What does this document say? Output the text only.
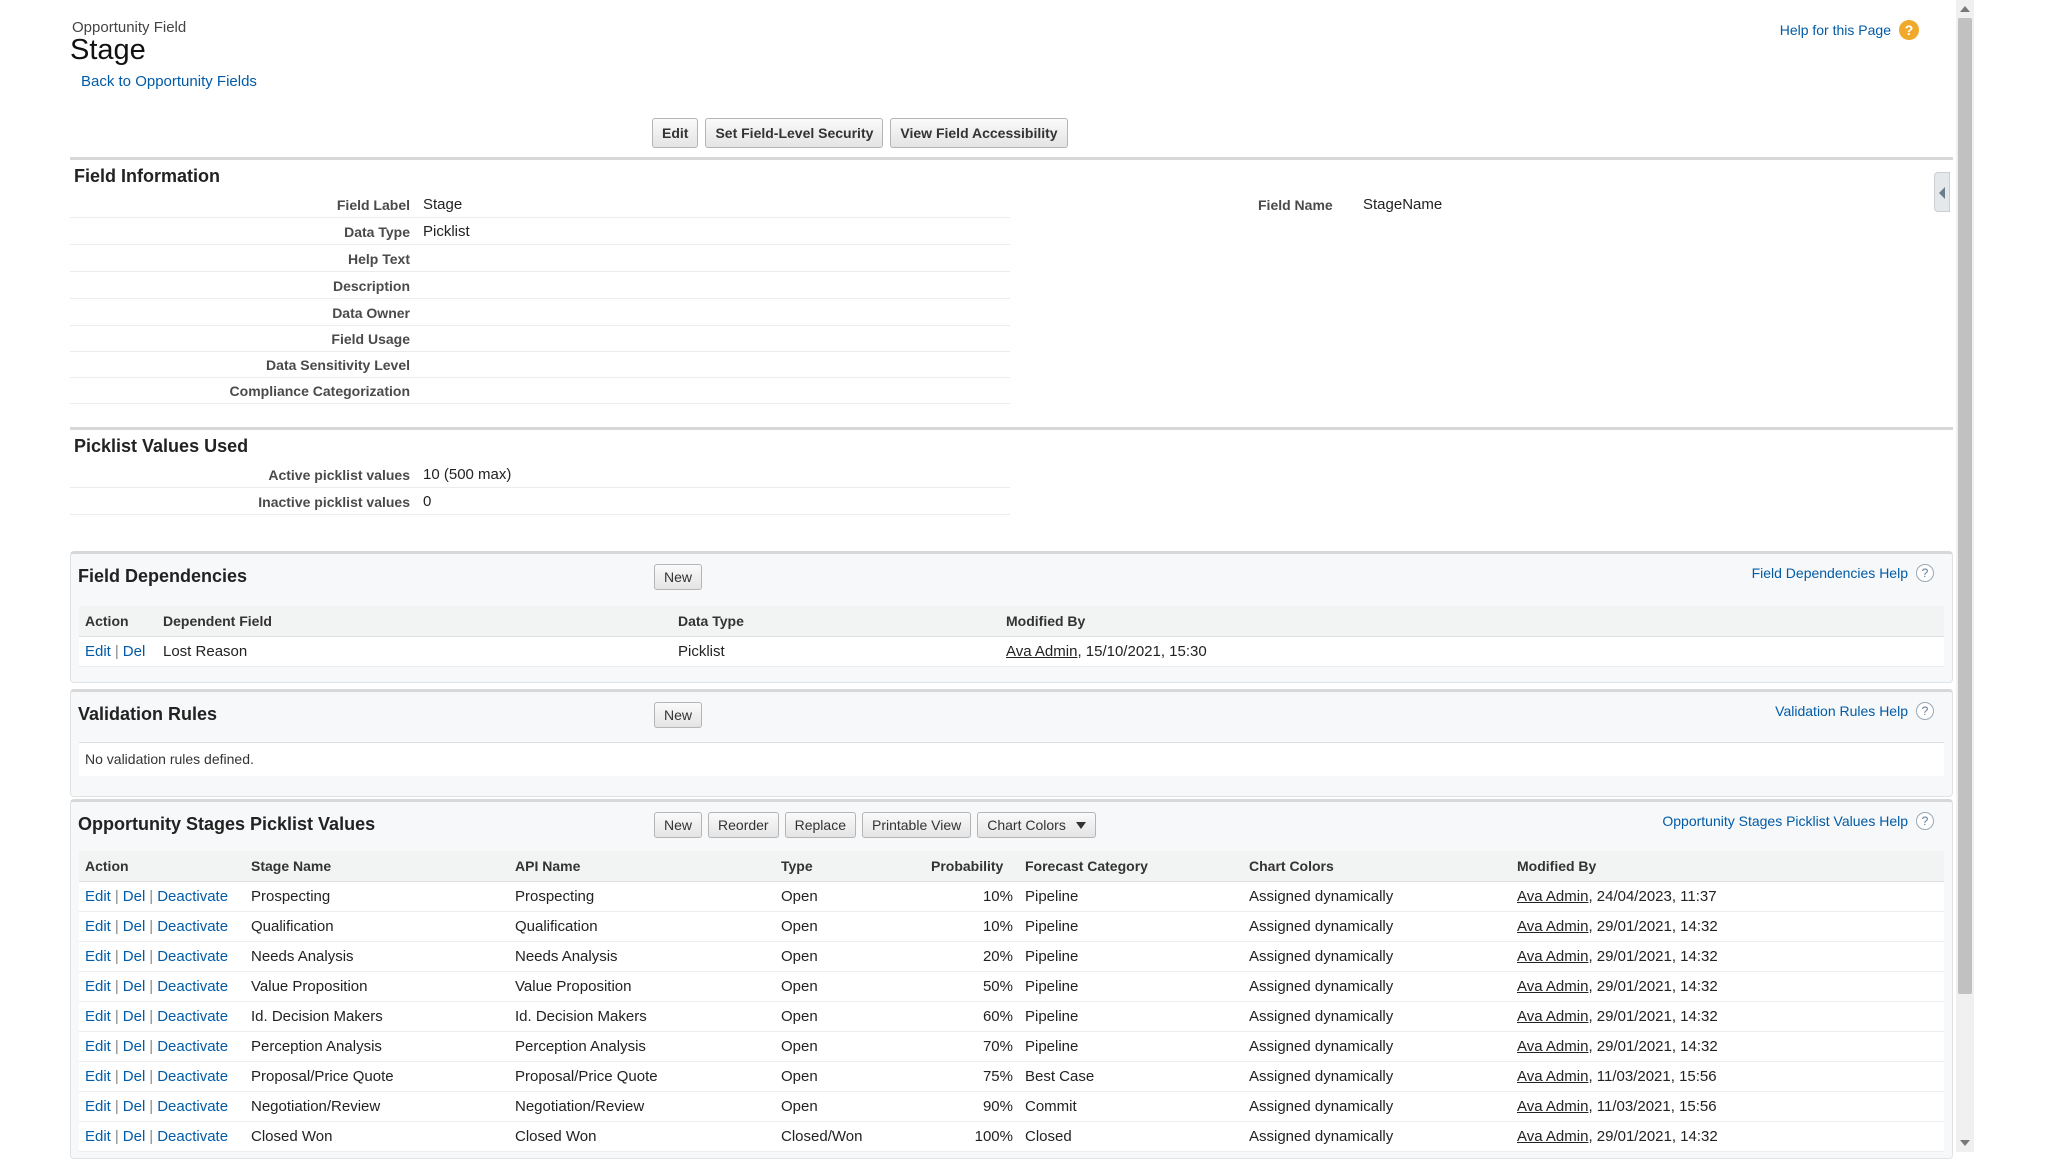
Opportunity Field
Stage
Back to Opportunity Fields
Help for this Page ?
Edit	Set Field-Level Security	View Field Accessibility
Field Information
Field Label Stage
Data Type Picklist
Help Text
Description
Data Owner
Field Usage
Data Sensitivity Level
Compliance Categorization
Field Name StageName
Picklist Values Used
Active picklist values 10 (500 max)
Inactive picklist values 0
Field Dependencies	New	Field Dependencies Help	?
Action	Dependent Field	Data Type	Modified By
Edit | Del	Lost Reason	Picklist	Ava Admin, 15/10/2021, 15:30
Validation Rules	New	Validation Rules Help	?
No validation rules defined.
Opportunity Stages Picklist Values	New	Reorder	Replace	Printable View	Chart Colors	Opportunity Stages Picklist Values Help	?
Action	Stage Name	API Name	Type	Probability	Forecast Category	Chart Colors	Modified By
Edit | Del | Deactivate	Prospecting	Prospecting	Open	10%	Pipeline	Assigned dynamically	Ava Admin, 24/04/2023, 11:37
Edit | Del | Deactivate	Qualification	Qualification	Open	10%	Pipeline	Assigned dynamically	Ava Admin, 29/01/2021, 14:32
Edit | Del | Deactivate	Needs Analysis	Needs Analysis	Open	20%	Pipeline	Assigned dynamically	Ava Admin, 29/01/2021, 14:32
Edit | Del | Deactivate	Value Proposition	Value Proposition	Open	50%	Pipeline	Assigned dynamically	Ava Admin, 29/01/2021, 14:32
Edit | Del | Deactivate	Id. Decision Makers	Id. Decision Makers	Open	60%	Pipeline	Assigned dynamically	Ava Admin, 29/01/2021, 14:32
Edit | Del | Deactivate	Perception Analysis	Perception Analysis	Open	70%	Pipeline	Assigned dynamically	Ava Admin, 29/01/2021, 14:32
Edit | Del | Deactivate	Proposal/Price Quote	Proposal/Price Quote	Open	75%	Best Case	Assigned dynamically	Ava Admin, 11/03/2021, 15:56
Edit | Del | Deactivate	Negotiation/Review	Negotiation/Review	Open	90%	Commit	Assigned dynamically	Ava Admin, 11/03/2021, 15:56
Edit | Del | Deactivate	Closed Won	Closed Won	Closed/Won	100%	Closed	Assigned dynamically	Ava Admin, 29/01/2021, 14:32
